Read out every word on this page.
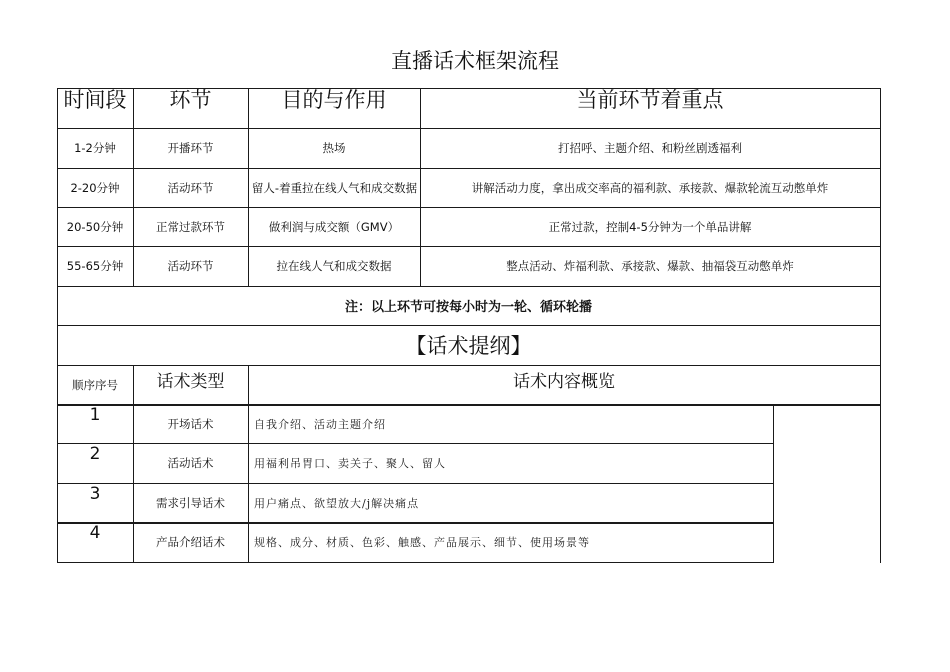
直播话术框架流程
时间段	环节	目的与作用	当前环节着重点
1-2分钟	开播环节	热场	打招呼、主题介绍、和粉丝剧透福利
2-20分钟	活动环节	留人-着重拉在线人气和成交数据	讲解活动力度，拿出成交率高的福利款、承接款、爆款轮流互动憋单炸
20-50分钟	正常过款环节	做利润与成交额（GMV）	正常过款，控制4-5分钟为一个单品讲解
55-65分钟	活动环节	拉在线人气和成交数据	整点活动、炸福利款、承接款、爆款、抽福袋互动憋单炸
注：以上环节可按每小时为一轮、循环轮播
【话术提纲】
顺序序号	话术类型	话术内容概览
1	开场话术	自我介绍、活动主题介绍
2	活动话术	用福利吊胃口、卖关子、聚人、留人
3	需求引导话术	用户痛点、欲望放大/j解决痛点
4	产品介绍话术	规格、成分、材质、色彩、触感、产品展示、细节、使用场景等
